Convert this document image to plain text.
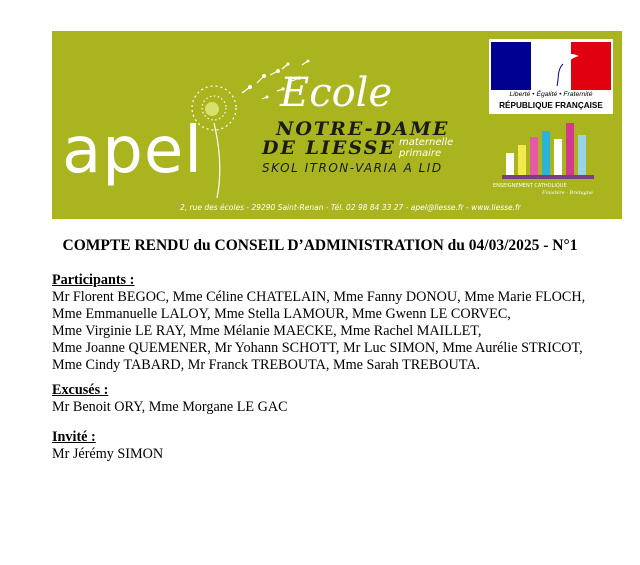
apel
Ecole
NOTRE-DAME
DE LIESSE maternelle
primaire
SKOL ITRON-VARIA A LID
2, rue des écoles - 29290 Saint-Renan - Tél. 02 98 84 33 27 - apel@liesse.fr - www.liesse.fr
Liberté • Égalité • Fraternité
RÉPUBLIQUE FRANÇAISE
ENSEIGNEMENT CATHOLIQUE
Finistère · Bretagne
COMPTE RENDU du CONSEIL D’ADMINISTRATION du 04/03/2025 - N°1
Participants :
Mr Florent BEGOC, Mme Céline CHATELAIN, Mme Fanny DONOU, Mme Marie FLOCH,
Mme Emmanuelle LALOY, Mme Stella LAMOUR, Mme Gwenn LE CORVEC,
Mme Virginie LE RAY, Mme Mélanie MAECKE, Mme Rachel MAILLET,
Mme Joanne QUEMENER, Mr Yohann SCHOTT, Mr Luc SIMON, Mme Aurélie STRICOT,
Mme Cindy TABARD, Mr Franck TREBOUTA, Mme Sarah TREBOUTA.
Excusés :
Mr Benoit ORY, Mme Morgane LE GAC
Invité :
Mr Jérémy SIMON
